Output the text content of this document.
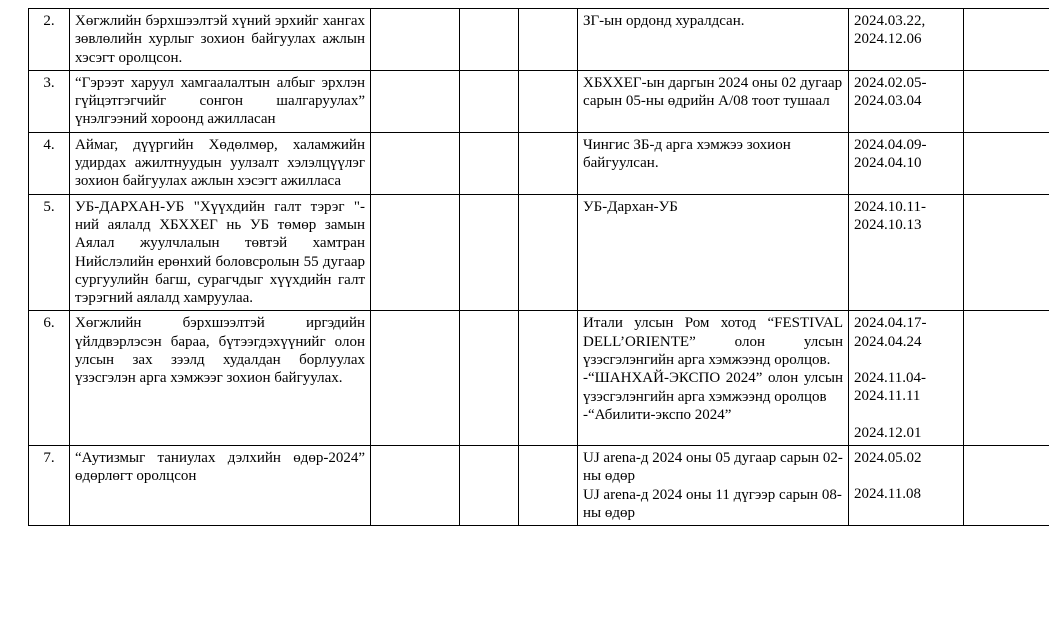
2.	Хөгжлийн бэрхшээлтэй хүний эрхийг хангах зөвлөлийн хурлыг зохион байгуулах ажлын хэсэгт оролцсон.				ЗГ-ын ордонд хуралдсан.	2024.03.22,
2024.12.06	

3.	“Гэрээт харуул хамгаалалтын албыг эрхлэн гүйцэтгэгчийг сонгон шалгаруулах” үнэлгээний хороонд ажилласан				ХБХХЕГ-ын даргын 2024 оны 02 дугаар сарын 05-ны өдрийн А/08 тоот тушаал	2024.02.05-
2024.03.04	

4.	Аймаг, дүүргийн Хөдөлмөр, халамжийн удирдах ажилтнуудын уулзалт хэлэлцүүлэг зохион байгуулах ажлын хэсэгт ажилласа				Чингис ЗБ-д арга хэмжээ зохион байгуулсан.	2024.04.09-
2024.04.10	

5.	УБ-ДАРХАН-УБ "Хүүхдийн галт тэрэг "-ний аялалд ХБХХЕГ нь УБ төмөр замын Аялал жуулчлалын төвтэй хамтран Нийслэлийн ерөнхий боловсролын 55 дугаар сургуулийн багш, сурагчдыг хүүхдийн галт тэрэгний аялалд хамруулаа.				УБ-Дархан-УБ	2024.10.11-
2024.10.13	

6.	Хөгжлийн бэрхшээлтэй иргэдийн үйлдвэрлэсэн бараа, бүтээгдэхүүнийг олон улсын зах зээлд худалдан борлуулах үзэсгэлэн арга хэмжээг зохион байгуулах.				Итали улсын Ром хотод “FESTIVAL DELL’ORIENTE” олон улсын үзэсгэлэнгийн арга хэмжээнд оролцов.
-“ШАНХАЙ-ЭКСПО 2024” олон улсын үзэсгэлэнгийн арга хэмжээнд оролцов
-“Абилити-экспо 2024”	2024.04.17-
2024.04.24
2024.11.04-
2024.11.11
2024.12.01	

7.	“Аутизмыг таниулах дэлхийн өдөр-2024” өдөрлөгт оролцсон				UJ arena-д 2024 оны 05 дугаар сарын 02-ны өдөр
UJ arena-д 2024 оны 11 дүгээр сарын 08-ны өдөр	2024.05.02
2024.11.08	
